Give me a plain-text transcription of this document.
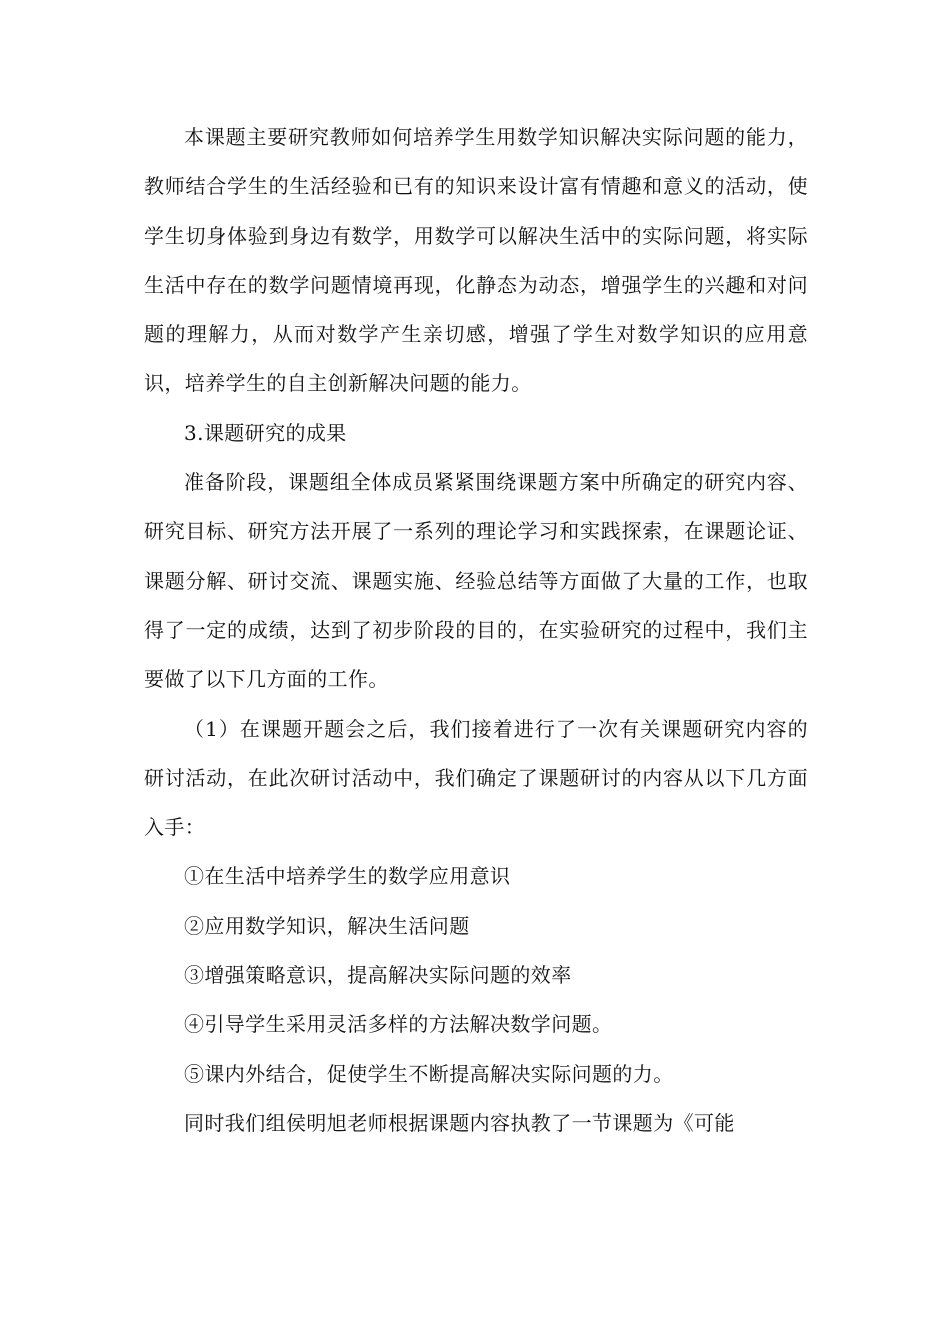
本课题主要研究教师如何培养学生用数学知识解决实际问题的能力，教师结合学生的生活经验和已有的知识来设计富有情趣和意义的活动，使学生切身体验到身边有数学，用数学可以解决生活中的实际问题，将实际生活中存在的数学问题情境再现，化静态为动态，增强学生的兴趣和对问题的理解力，从而对数学产生亲切感，增强了学生对数学知识的应用意识，培养学生的自主创新解决问题的能力。

3.课题研究的成果

准备阶段，课题组全体成员紧紧围绕课题方案中所确定的研究内容、研究目标、研究方法开展了一系列的理论学习和实践探索，在课题论证、课题分解、研讨交流、课题实施、经验总结等方面做了大量的工作，也取得了一定的成绩，达到了初步阶段的目的，在实验研究的过程中，我们主要做了以下几方面的工作。

（1）在课题开题会之后，我们接着进行了一次有关课题研究内容的研讨活动，在此次研讨活动中，我们确定了课题研讨的内容从以下几方面入手：

①在生活中培养学生的数学应用意识

②应用数学知识，解决生活问题

③增强策略意识，提高解决实际问题的效率

④引导学生采用灵活多样的方法解决数学问题。

⑤课内外结合，促使学生不断提高解决实际问题的力。

同时我们组侯明旭老师根据课题内容执教了一节课题为《可能
